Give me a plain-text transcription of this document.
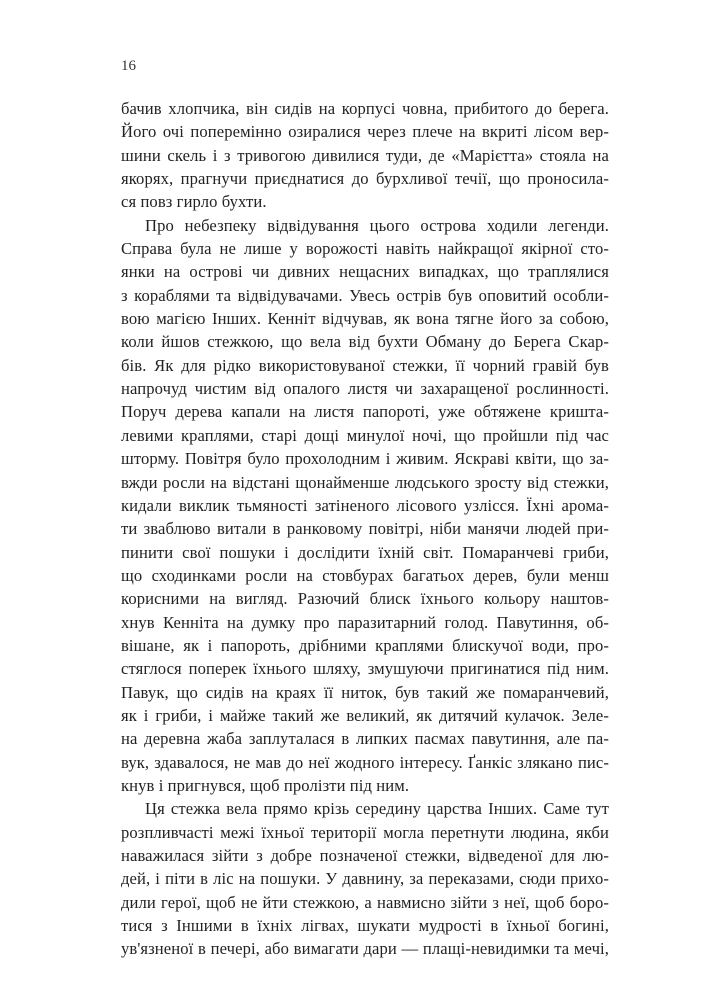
16
бачив хлопчика, він сидів на корпусі човна, прибитого до берега.
Його очі поперемінно озиралися через плече на вкриті лісом вер-
шини скель і з тривогою дивилися туди, де «Марієтта» стояла на
якорях, прагнучи приєднатися до бурхливої течії, що проносила-
ся повз гирло бухти.
Про небезпеку відвідування цього острова ходили легенди.
Справа була не лише у ворожості навіть найкращої якірної сто-
янки на острові чи дивних нещасних випадках, що траплялися
з кораблями та відвідувачами. Увесь острів був оповитий особли-
вою магією Інших. Кенніт відчував, як вона тягне його за собою,
коли йшов стежкою, що вела від бухти Обману до Берега Скар-
бів. Як для рідко використовуваної стежки, її чорний гравій був
напрочуд чистим від опалого листя чи захаращеної рослинності.
Поруч дерева капали на листя папороті, уже обтяжене кришта-
левими краплями, старі дощі минулої ночі, що пройшли під час
шторму. Повітря було прохолодним і живим. Яскраві квіти, що за-
вжди росли на відстані щонайменше людського зросту від стежки,
кидали виклик тьмяності затіненого лісового узлісся. Їхні арома-
ти зваблюво витали в ранковому повітрі, ніби манячи людей при-
пинити свої пошуки і дослідити їхній світ. Помаранчеві гриби,
що сходинками росли на стовбурах багатьох дерев, були менш
корисними на вигляд. Разючий блиск їхнього кольору наштов-
хнув Кенніта на думку про паразитарний голод. Павутиння, об-
вішане, як і папороть, дрібними краплями блискучої води, про-
стяглося поперек їхнього шляху, змушуючи пригинатися під ним.
Павук, що сидів на краях її ниток, був такий же помаранчевий,
як і гриби, і майже такий же великий, як дитячий кулачок. Зеле-
на деревна жаба заплуталася в липких пасмах павутиння, але па-
вук, здавалося, не мав до неї жодного інтересу. Ґанкіс злякано пис-
кнув і пригнувся, щоб пролізти під ним.
Ця стежка вела прямо крізь середину царства Інших. Саме тут
розпливчасті межі їхньої території могла перетнути людина, якби
наважилася зійти з добре позначеної стежки, відведеної для лю-
дей, і піти в ліс на пошуки. У давнину, за переказами, сюди прихо-
дили герої, щоб не йти стежкою, а навмисно зійти з неї, щоб боро-
тися з Іншими в їхніх лігвах, шукати мудрості в їхньої богині,
ув'язненої в печері, або вимагати дари — плащі-невидимки та мечі,
